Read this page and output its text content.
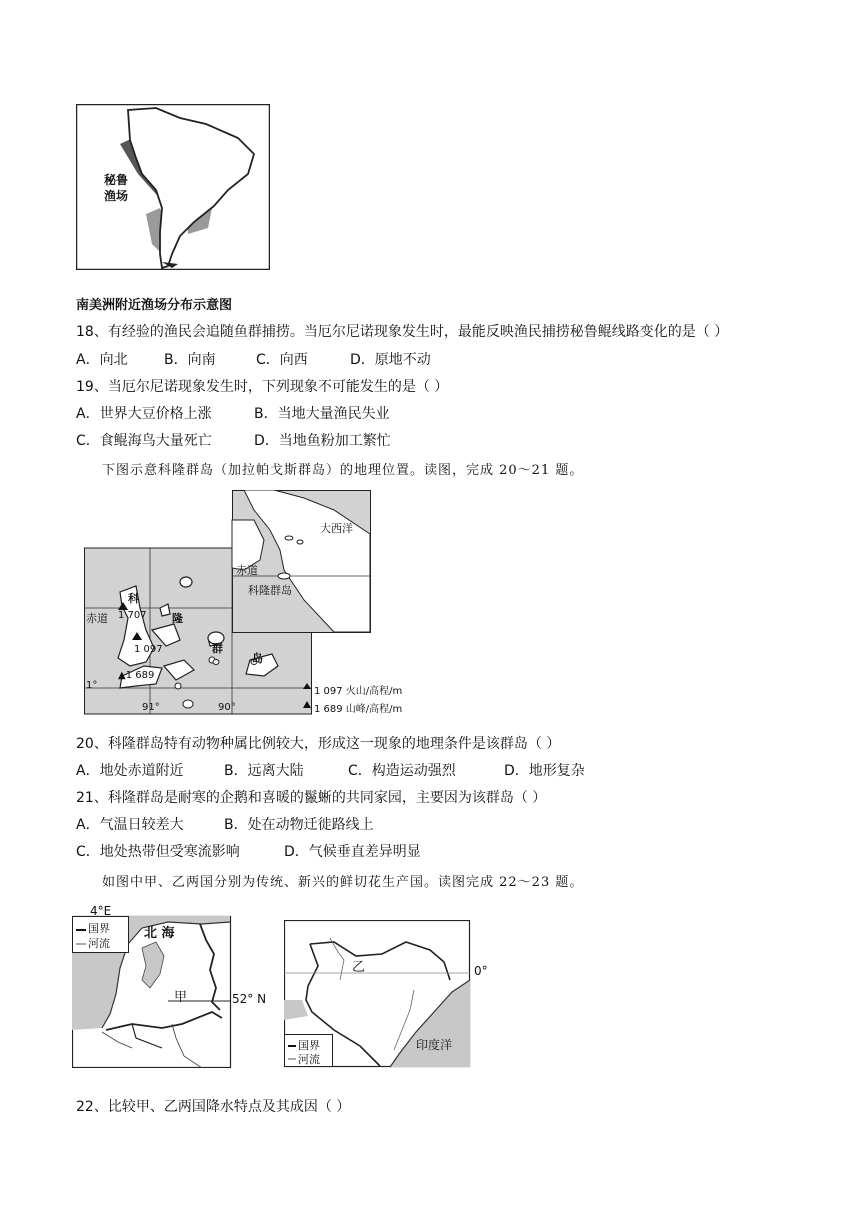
秘鲁
渔场
南美洲附近渔场分布示意图
18、有经验的渔民会追随鱼群捕捞。当厄尔尼诺现象发生时，最能反映渔民捕捞秘鲁鲲线路变化的是（ ）
A．向北	B．向南	C．向西	D．原地不动
19、当厄尔尼诺现象发生时，下列现象不可能发生的是（ ）
A．世界大豆价格上涨	B．当地大量渔民失业
C．食鲲海鸟大量死亡	D．当地鱼粉加工繁忙
下图示意科隆群岛（加拉帕戈斯群岛）的地理位置。读图，完成 20～21 题。
赤道
科
隆
群
岛
1 707
1 097
▲1 689
1°
91°	90°
大西洋
赤道
科隆群岛
1 097 火山/高程/m
1 689 山峰/高程/m
20、科隆群岛特有动物种属比例较大，形成这一现象的地理条件是该群岛（ ）
A．地处赤道附近	B．远离大陆	C．构造运动强烈	D．地形复杂
21、科隆群岛是耐寒的企鹅和喜暖的鬣蜥的共同家园，主要因为该群岛（ ）
A．气温日较差大	B．处在动物迁徙路线上
C．地处热带但受寒流影响	D．气候垂直差异明显
如图中甲、乙两国分别为传统、新兴的鲜切花生产国。读图完成 22～23 题。
4°E
北 海
国界
河流
甲	52° N
乙	0°
印度洋
国界
河流
22、比较甲、乙两国降水特点及其成因（ ）
